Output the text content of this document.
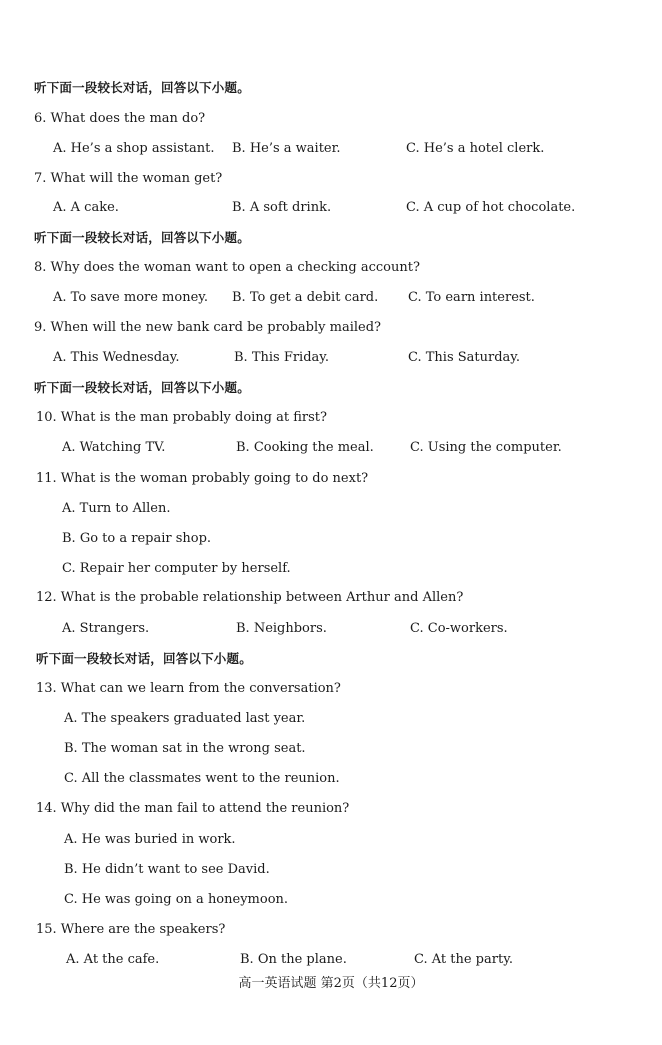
听下面一段较长对话，回答以下小题。
6. What does the man do?
A. He’s a shop assistant. B. He’s a waiter.	C. He’s a hotel clerk.
7. What will the woman get?
A. A cake.	B. A soft drink.	C. A cup of hot chocolate.
听下面一段较长对话，回答以下小题。
8. Why does the woman want to open a checking account?
A. To save more money. B. To get a debit card. C. To earn interest.
9. When will the new bank card be probably mailed?
A. This Wednesday.	B. This Friday.	C. This Saturday.
听下面一段较长对话，回答以下小题。
10. What is the man probably doing at first?
A. Watching TV.	B. Cooking the meal.	C. Using the computer.
11. What is the woman probably going to do next?
A. Turn to Allen.
B. Go to a repair shop.
C. Repair her computer by herself.
12. What is the probable relationship between Arthur and Allen?
A. Strangers.	B. Neighbors.	C. Co-workers.
听下面一段较长对话，回答以下小题。
13. What can we learn from the conversation?
A. The speakers graduated last year.
B. The woman sat in the wrong seat.
C. All the classmates went to the reunion.
14. Why did the man fail to attend the reunion?
A. He was buried in work.
B. He didn’t want to see David.
C. He was going on a honeymoon.
15. Where are the speakers?
A. At the cafe.	B. On the plane.	C. At the party.
高一英语试题 第2页（共12页）
